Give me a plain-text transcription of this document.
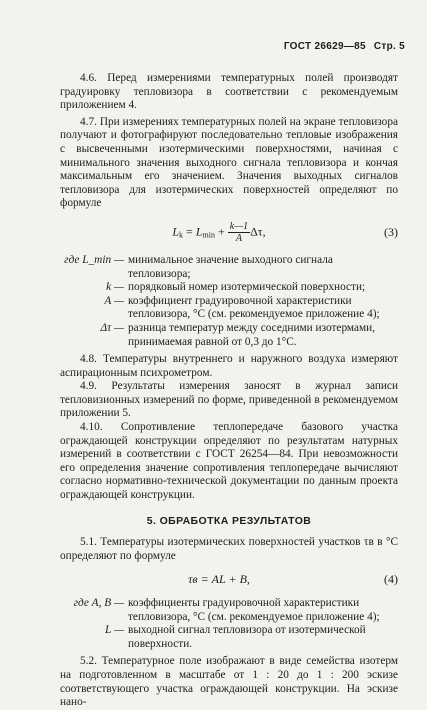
ГОСТ 26629—85 Стр. 5

4.6. Перед измерениями температурных полей производят градуировку тепловизора в соответствии с рекомендуемым приложением 4.

4.7. При измерениях температурных полей на экране тепловизора получают и фотографируют последовательно тепловые изображения с высвеченными изотермическими поверхностями, начиная с минимального значения выходного сигнала тепловизора и кончая максимальным его значением. Значения выходных сигналов тепловизора для изотермических поверхностей определяют по формуле

$L_k = L_{min} + \frac{k—1}{A} \Delta\tau$,	(3)
где L_min — минимальное значение выходного сигнала тепловизора;
k — порядковый номер изотермической поверхности;
A — коэффициент градуировочной характеристики тепловизора, °С (см. рекомендуемое приложение 4);
Δτ — разница температур между соседними изотермами, принимаемая равной от 0,3 до 1°С.

4.8. Температуры внутреннего и наружного воздуха измеряют аспирационным психрометром.

4.9. Результаты измерения заносят в журнал записи тепловизионных измерений по форме, приведенной в рекомендуемом приложении 5.

4.10. Сопротивление теплопередаче базового участка ограждающей конструкции определяют по результатам натурных измерений в соответствии с ГОСТ 26254—84. При невозможности его определения значение сопротивления теплопередаче вычисляют согласно нормативно-технической документации по данным проекта ограждающей конструкции.

5. ОБРАБОТКА РЕЗУЛЬТАТОВ

5.1. Температуры изотермических поверхностей участков τв в °С определяют по формуле

τв = AL + B,	(4)
где A, B — коэффициенты градуировочной характеристики тепловизора, °С (см. рекомендуемое приложение 4);
L — выходной сигнал тепловизора от изотермической поверхности.

5.2. Температурное поле изображают в виде семейства изотерм на подготовленном в масштабе от 1 : 20 до 1 : 200 эскизе соответствующего участка ограждающей конструкции. На эскизе нано-
